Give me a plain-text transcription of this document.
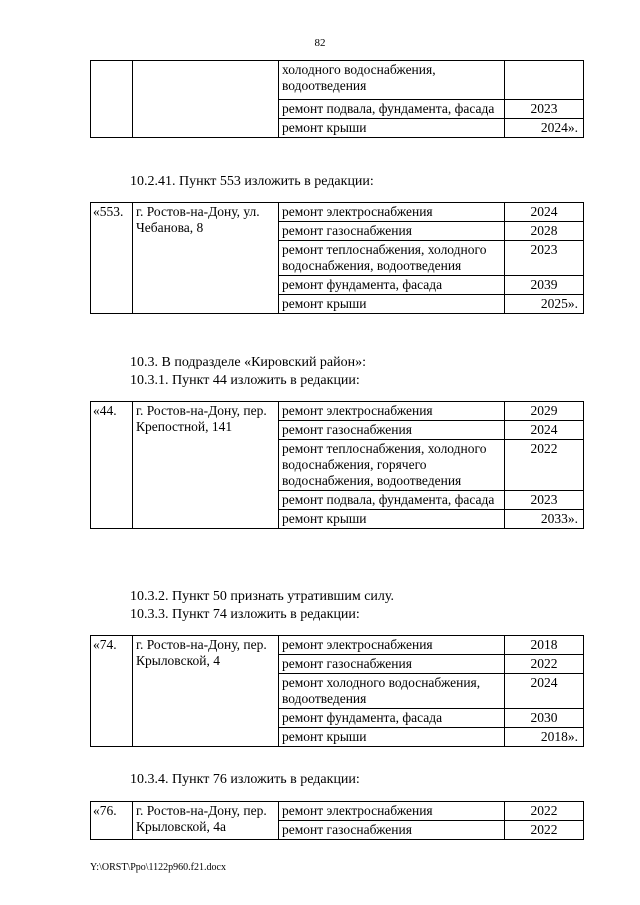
82
		холодного водоснабжения, водоотведения	
		ремонт подвала, фундамента, фасада	2023
		ремонт крыши	2024».
10.2.41. Пункт 553 изложить в редакции:
«553.	г. Ростов-на-Дону, ул. Чебанова, 8	ремонт электроснабжения	2024
		ремонт газоснабжения	2028
		ремонт теплоснабжения, холодного водоснабжения, водоотведения	2023
		ремонт фундамента, фасада	2039
		ремонт крыши	2025».
10.3. В подразделе «Кировский район»:
10.3.1. Пункт 44 изложить в редакции:
«44.	г. Ростов-на-Дону, пер. Крепостной, 141	ремонт электроснабжения	2029
		ремонт газоснабжения	2024
		ремонт теплоснабжения, холодного водоснабжения, горячего водоснабжения, водоотведения	2022
		ремонт подвала, фундамента, фасада	2023
		ремонт крыши	2033».
10.3.2. Пункт 50 признать утратившим силу.
10.3.3. Пункт 74 изложить в редакции:
«74.	г. Ростов-на-Дону, пер. Крыловской, 4	ремонт электроснабжения	2018
		ремонт газоснабжения	2022
		ремонт холодного водоснабжения, водоотведения	2024
		ремонт фундамента, фасада	2030
		ремонт крыши	2018».
10.3.4. Пункт 76 изложить в редакции:
«76.	г. Ростов-на-Дону, пер. Крыловской, 4а	ремонт электроснабжения	2022
		ремонт газоснабжения	2022
Y:\ORST\Ppo\1122p960.f21.docx
